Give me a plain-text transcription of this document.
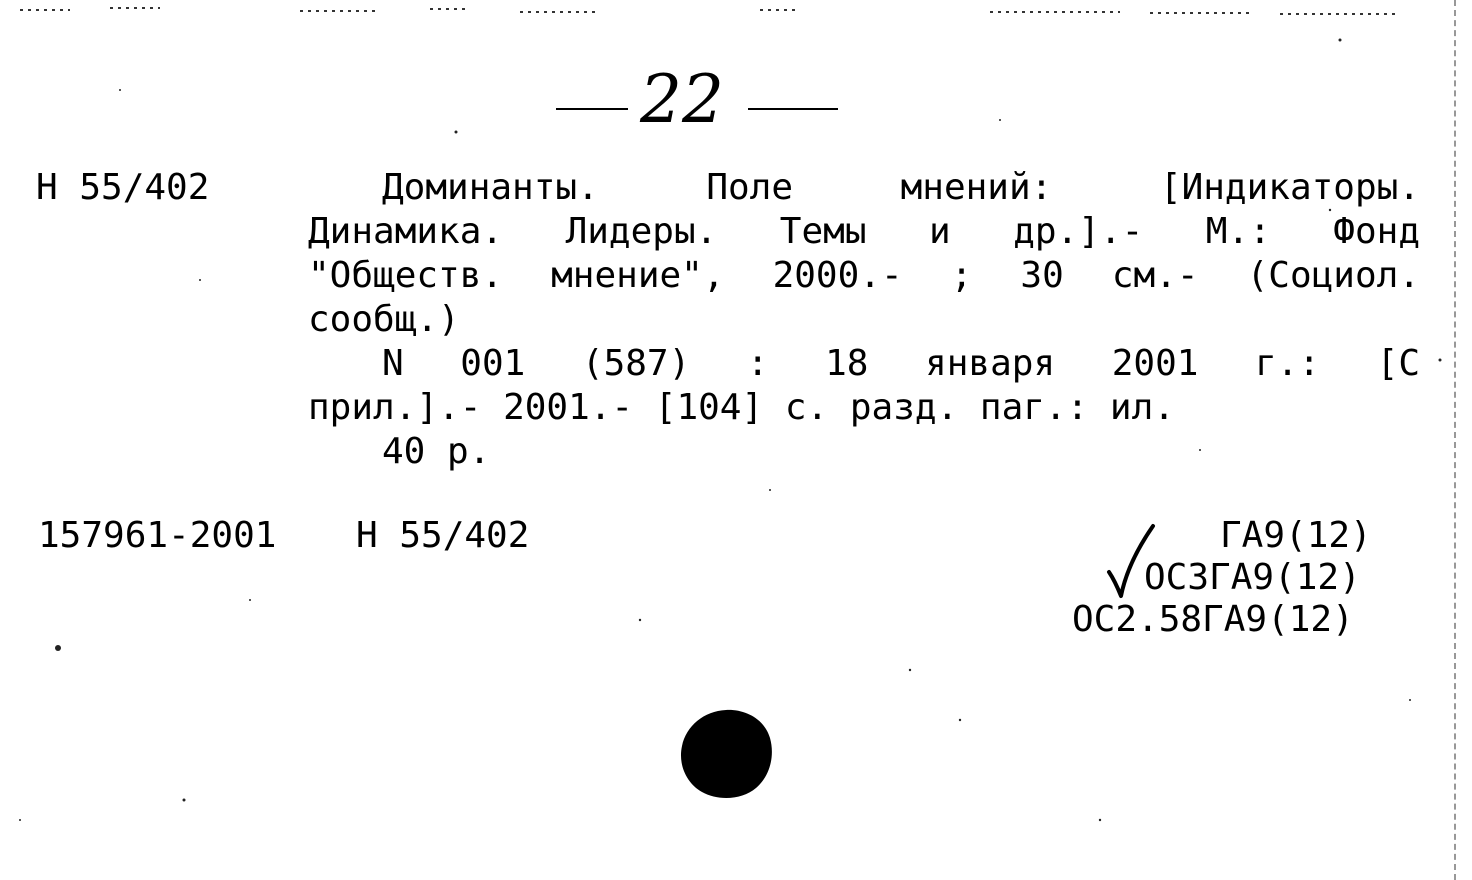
22
Н 55/402	Доминанты. Поле мнений: [Индикаторы.
Динамика. Лидеры. Темы и др.].- М.: Фонд
"Обществ. мнение", 2000.- ; 30 см.- (Социол.
сообщ.)
N 001 (587) : 18 января 2001 г.: [С
прил.].- 2001.- [104] с. разд. паг.: ил.
40 р.
157961-2001 Н 55/402	ГА9(12)
ОС3ГА9(12)
ОС2.58ГА9(12)
